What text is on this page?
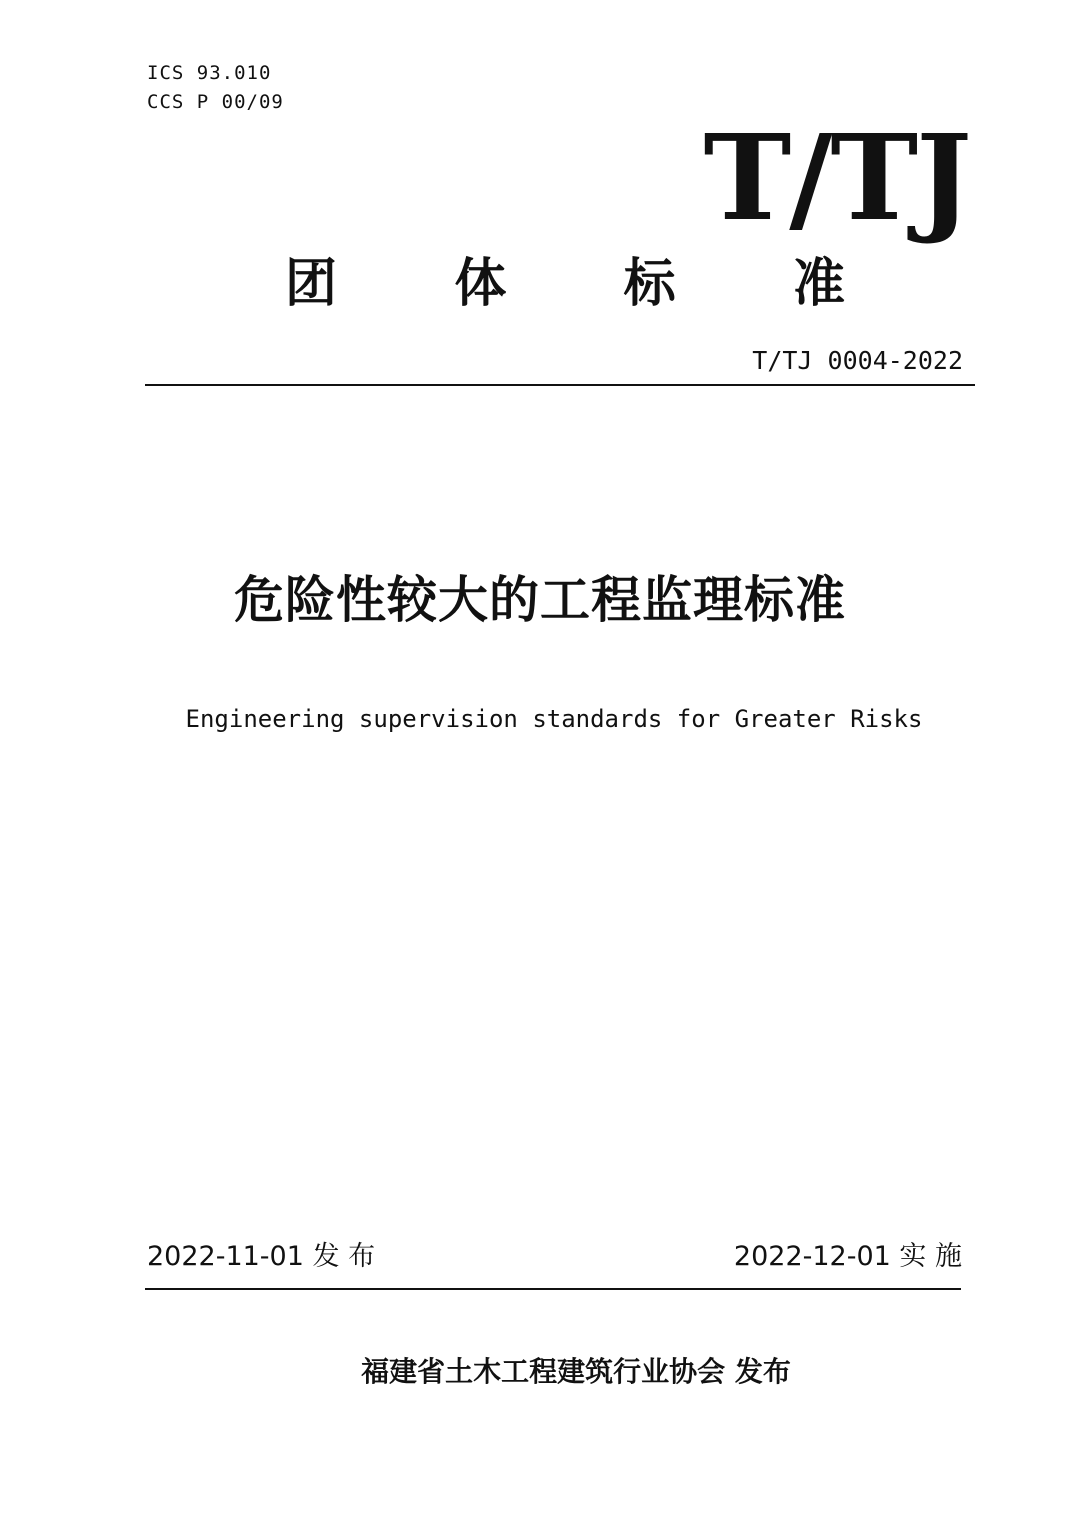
ICS 93.010
CCS P 00/09
T/TJ
团 体 标 准
T/TJ 0004-2022
危险性较大的工程监理标准
Engineering supervision standards for Greater Risks
2022-11-01 发 布	2022-12-01 实 施
福建省土木工程建筑行业协会 发布
